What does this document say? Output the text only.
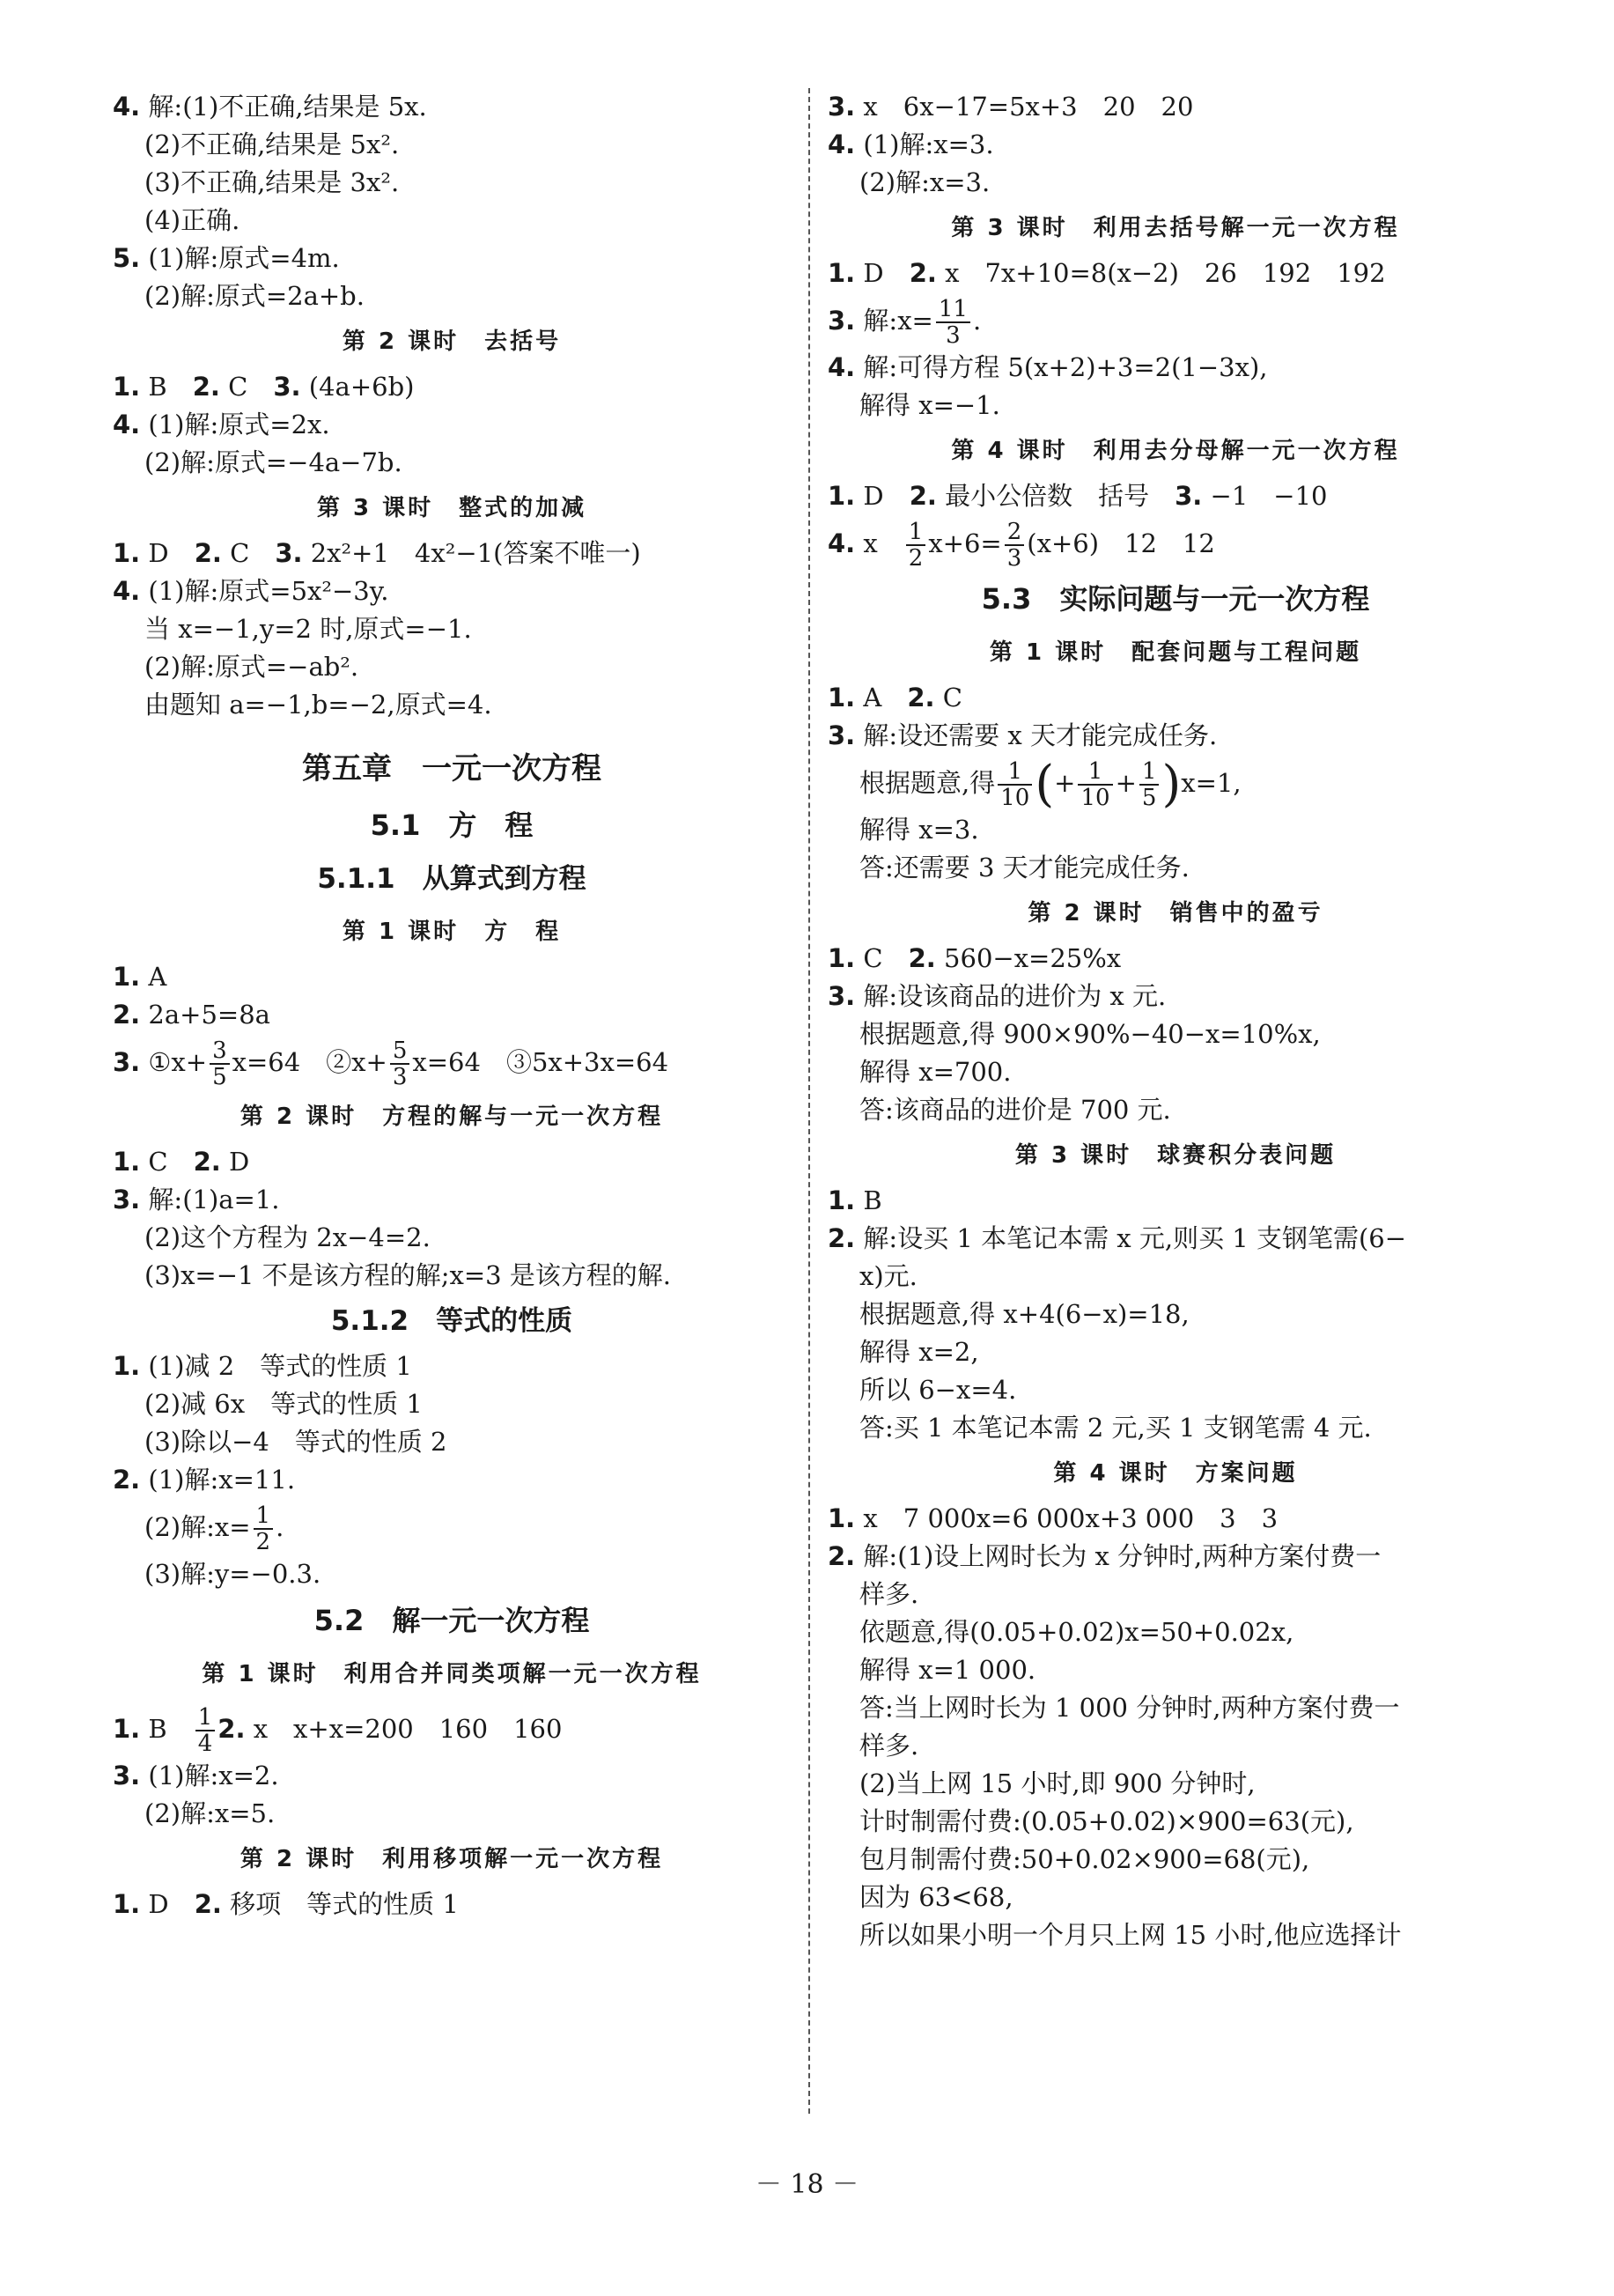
4. 解:(1)不正确,结果是 5x.
(2)不正确,结果是 5x².
(3)不正确,结果是 3x².
(4)正确.
5. (1)解:原式=4m.
(2)解:原式=2a+b.
第 2 课时　去括号
1. B　2. C　3. (4a+6b)
4. (1)解:原式=2x.
(2)解:原式=−4a−7b.
第 3 课时　整式的加减
1. D　2. C　3. 2x²+1　4x²−1(答案不唯一)
4. (1)解:原式=5x²−3y.
当 x=−1,y=2 时,原式=−1.
(2)解:原式=−ab².
由题知 a=−1,b=−2,原式=4.
第五章　一元一次方程
5.1　方　程
5.1.1　从算式到方程
第 1 课时　方　程
1. A
2. 2a+5=8a
3. ①x+ $\frac{3}{5} x=64$　②x+ $\frac{5}{3} x=64$　③5x+3x=64
第 2 课时　方程的解与一元一次方程
1. C　2. D
3. 解:(1)a=1.
(2)这个方程为 2x−4=2.
(3)x=−1 不是该方程的解;x=3 是该方程的解.
5.1.2　等式的性质
1. (1)减 2　等式的性质 1
(2)减 6x　等式的性质 1
(3)除以−4　等式的性质 2
2. (1)解:x=11.
(2)解:x= $\frac{1}{2}$ .
(3)解:y=−0.3.
5.2　解一元一次方程
第 1 课时　利用合并同类项解一元一次方程
1. B　 $\frac{1}{4} 2$. x　x+x=200　160　160
3. (1)解:x=2.
(2)解:x=5.
第 2 课时　利用移项解一元一次方程
1. D　2. 移项　等式的性质 1
3. x　6x−17=5x+3　20　20
4. (1)解:x=3.
(2)解:x=3.
第 3 课时　利用去括号解一元一次方程
1. D　2. x　7x+10=8(x−2)　26　192　192
3. 解:x= $\frac{11}{3}$ .
4. 解:可得方程 5(x+2)+3=2(1−3x),
解得 x=−1.
第 4 课时　利用去分母解一元一次方程
1. D　2. 最小公倍数　括号　3. −1　−10
4. x　 $\frac{1}{2} x+6= \frac{2}{3} (x+6)$　12　12
5.3　实际问题与一元一次方程
第 1 课时　配套问题与工程问题
1. A　2. C
3. 解:设还需要 x 天才能完成任务.
根据题意,得 $\frac{1}{10}$ (+ $\frac{1}{10} + \frac{1}{5} )x=1$,
解得 x=3.
答:还需要 3 天才能完成任务.
第 2 课时　销售中的盈亏
1. C　2. 560−x=25%x
3. 解:设该商品的进价为 x 元.
根据题意,得 900×90%−40−x=10%x,
解得 x=700.
答:该商品的进价是 700 元.
第 3 课时　球赛积分表问题
1. B
2. 解:设买 1 本笔记本需 x 元,则买 1 支钢笔需(6−
x)元.
根据题意,得 x+4(6−x)=18,
解得 x=2,
所以 6−x=4.
答:买 1 本笔记本需 2 元,买 1 支钢笔需 4 元.
第 4 课时　方案问题
1. x　7 000x=6 000x+3 000　3　3
2. 解:(1)设上网时长为 x 分钟时,两种方案付费一
样多.
依题意,得(0.05+0.02)x=50+0.02x,
解得 x=1 000.
答:当上网时长为 1 000 分钟时,两种方案付费一
样多.
(2)当上网 15 小时,即 900 分钟时,
计时制需付费:(0.05+0.02)×900=63(元),
包月制需付费:50+0.02×900=68(元),
因为 63<68,
所以如果小明一个月只上网 15 小时,他应选择计
－ 18 －
